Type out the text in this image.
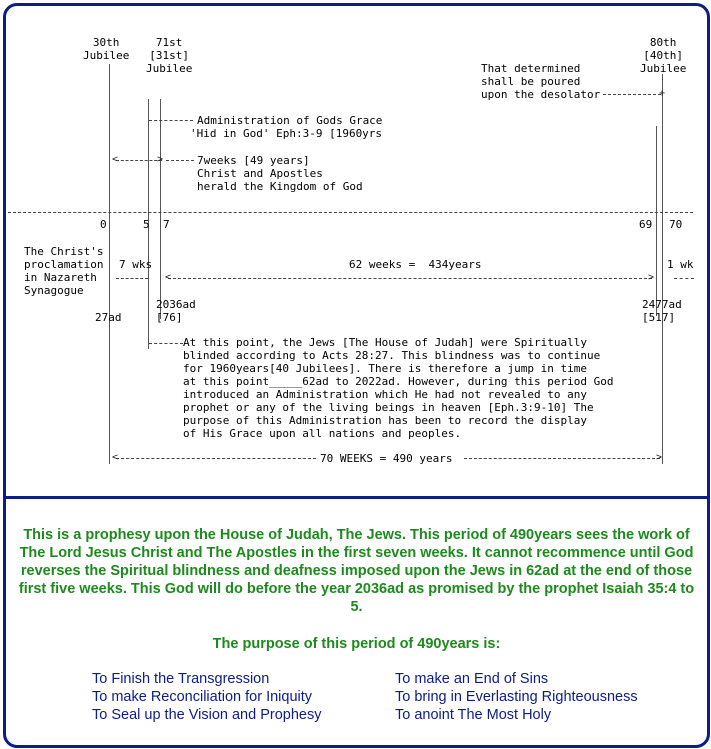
30th
Jubilee
71st
[31st]
Jubilee
80th
[40th]
Jubilee
That determined
shall be poured
upon the desolator	+
Administration of Gods Grace
'Hid in God' Eph:3-9 [1960yrs
<	>	7weeks [49 years]
Christ and Apostles
herald the Kingdom of God
0	5 7	69 70
The Christ's
proclamation
in Nazareth
Synagogue
7 wks
<	>
62 weeks =  434years	1 wk
27ad
2036ad
[76]
2477ad
[517]
At this point, the Jews [The House of Judah] were Spiritually
blinded according to Acts 28:27. This blindness was to continue
for 1960years[40 Jubilees]. There is therefore a jump in time
at this point_____62ad to 2022ad. However, during this period God
introduced an Administration which He had not revealed to any
prophet or any of the living beings in heaven [Eph.3:9-10] The
purpose of this Administration has been to record the display
of His Grace upon all nations and peoples.
<	>
70 WEEKS = 490 years
This is a prophesy upon the House of Judah, The Jews. This period of 490years sees the work of The Lord Jesus Christ and The Apostles in the first seven weeks. It cannot recommence until God reverses the Spiritual blindness and deafness imposed upon the Jews in 62ad at the end of those first five weeks. This God will do before the year 2036ad as promised by the prophet Isaiah 35:4 to 5.
The purpose of this period of 490years is:
To Finish the Transgression	To make an End of Sins
To make Reconciliation for Iniquity	To bring in Everlasting Righteousness
To Seal up the Vision and Prophesy	To anoint The Most Holy
